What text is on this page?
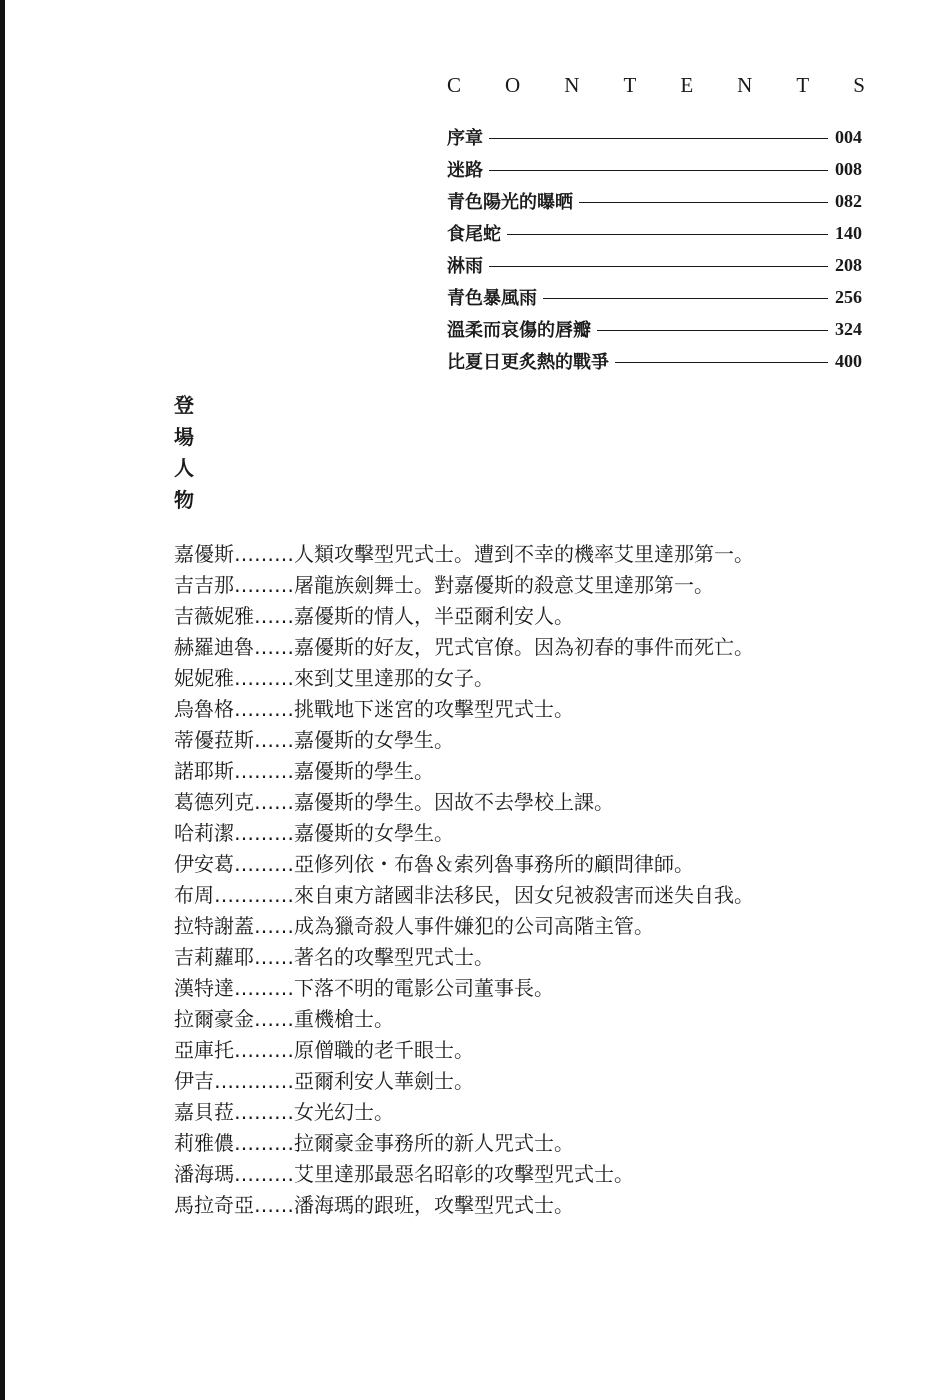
C O N T E N T S
序章	004
迷路	008
青色陽光的曝晒	082
食尾蛇	140
淋雨	208
青色暴風雨	256
溫柔而哀傷的唇瓣	324
比夏日更炙熱的戰爭	400
登
場
人
物
嘉優斯………人類攻擊型咒式士。遭到不幸的機率艾里達那第一。
吉吉那………屠龍族劍舞士。對嘉優斯的殺意艾里達那第一。
吉薇妮雅……嘉優斯的情人，半亞爾利安人。
赫羅迪魯……嘉優斯的好友，咒式官僚。因為初春的事件而死亡。
妮妮雅………來到艾里達那的女子。
烏魯格………挑戰地下迷宮的攻擊型咒式士。
蒂優菈斯……嘉優斯的女學生。
諾耶斯………嘉優斯的學生。
葛德列克……嘉優斯的學生。因故不去學校上課。
哈莉潔………嘉優斯的女學生。
伊安葛………亞修列依・布魯＆索列魯事務所的顧問律師。
布周…………來自東方諸國非法移民，因女兒被殺害而迷失自我。
拉特謝蓋……成為獵奇殺人事件嫌犯的公司高階主管。
吉莉蘿耶……著名的攻擊型咒式士。
漢特達………下落不明的電影公司董事長。
拉爾豪金……重機槍士。
亞庫托………原僧職的老千眼士。
伊吉…………亞爾利安人華劍士。
嘉貝菈………女光幻士。
莉雅儂………拉爾豪金事務所的新人咒式士。
潘海瑪………艾里達那最惡名昭彰的攻擊型咒式士。
馬拉奇亞……潘海瑪的跟班，攻擊型咒式士。
